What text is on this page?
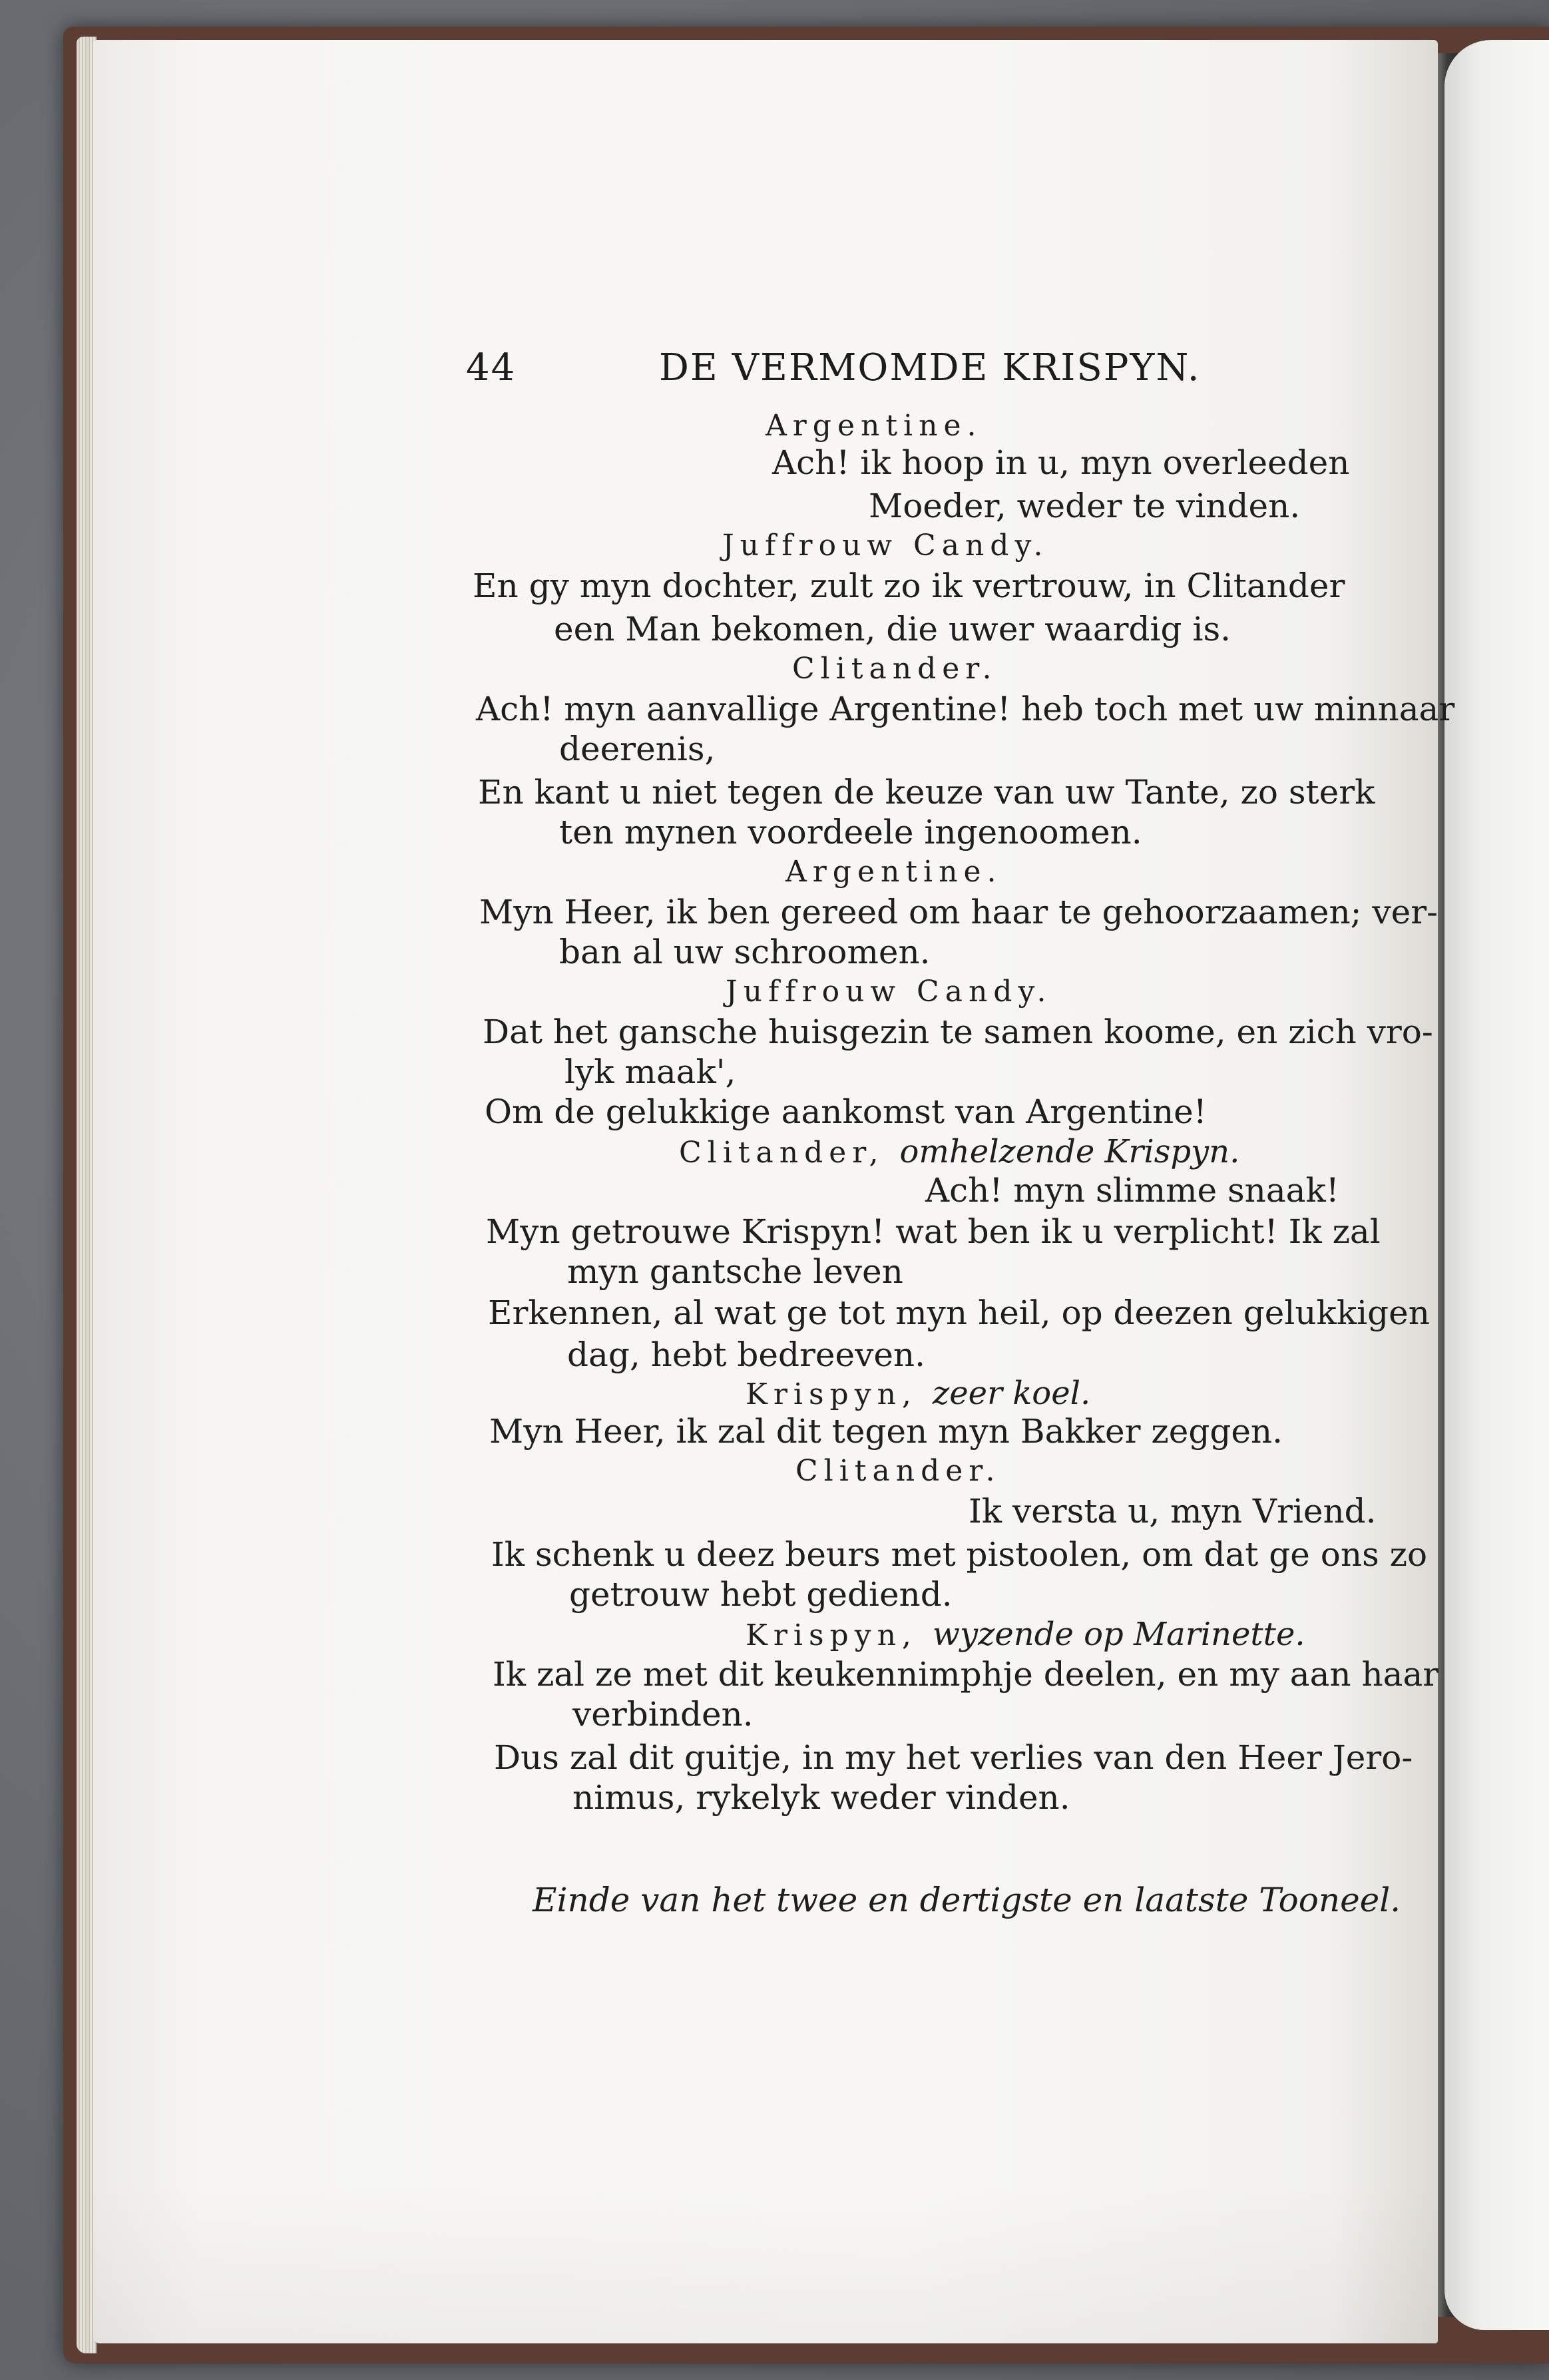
44	DE VERMOMDE KRISPYN.
Argentine.
Ach! ik hoop in u, myn overleeden
Moeder, weder te vinden.
Juffrouw Candy.
En gy myn dochter, zult zo ik vertrouw, in Clitander
een Man bekomen, die uwer waardig is.
Clitander.
Ach! myn aanvallige Argentine! heb toch met uw minnaar
deerenis,
En kant u niet tegen de keuze van uw Tante, zo sterk
ten mynen voordeele ingenoomen.
Argentine.
Myn Heer, ik ben gereed om haar te gehoorzaamen; ver-
ban al uw schroomen.
Juffrouw Candy.
Dat het gansche huisgezin te samen koome, en zich vro-
lyk maak',
Om de gelukkige aankomst van Argentine!
Clitander, omhelzende Krispyn.
Ach! myn slimme snaak!
Myn getrouwe Krispyn! wat ben ik u verplicht! Ik zal
myn gantsche leven
Erkennen, al wat ge tot myn heil, op deezen gelukkigen
dag, hebt bedreeven.
Krispyn, zeer koel.
Myn Heer, ik zal dit tegen myn Bakker zeggen.
Clitander.
Ik versta u, myn Vriend.
Ik schenk u deez beurs met pistoolen, om dat ge ons zo
getrouw hebt gediend.
Krispyn, wyzende op Marinette.
Ik zal ze met dit keukennimphje deelen, en my aan haar
verbinden.
Dus zal dit guitje, in my het verlies van den Heer Jero-
nimus, rykelyk weder vinden.
Einde van het twee en dertigste en laatste Tooneel.
